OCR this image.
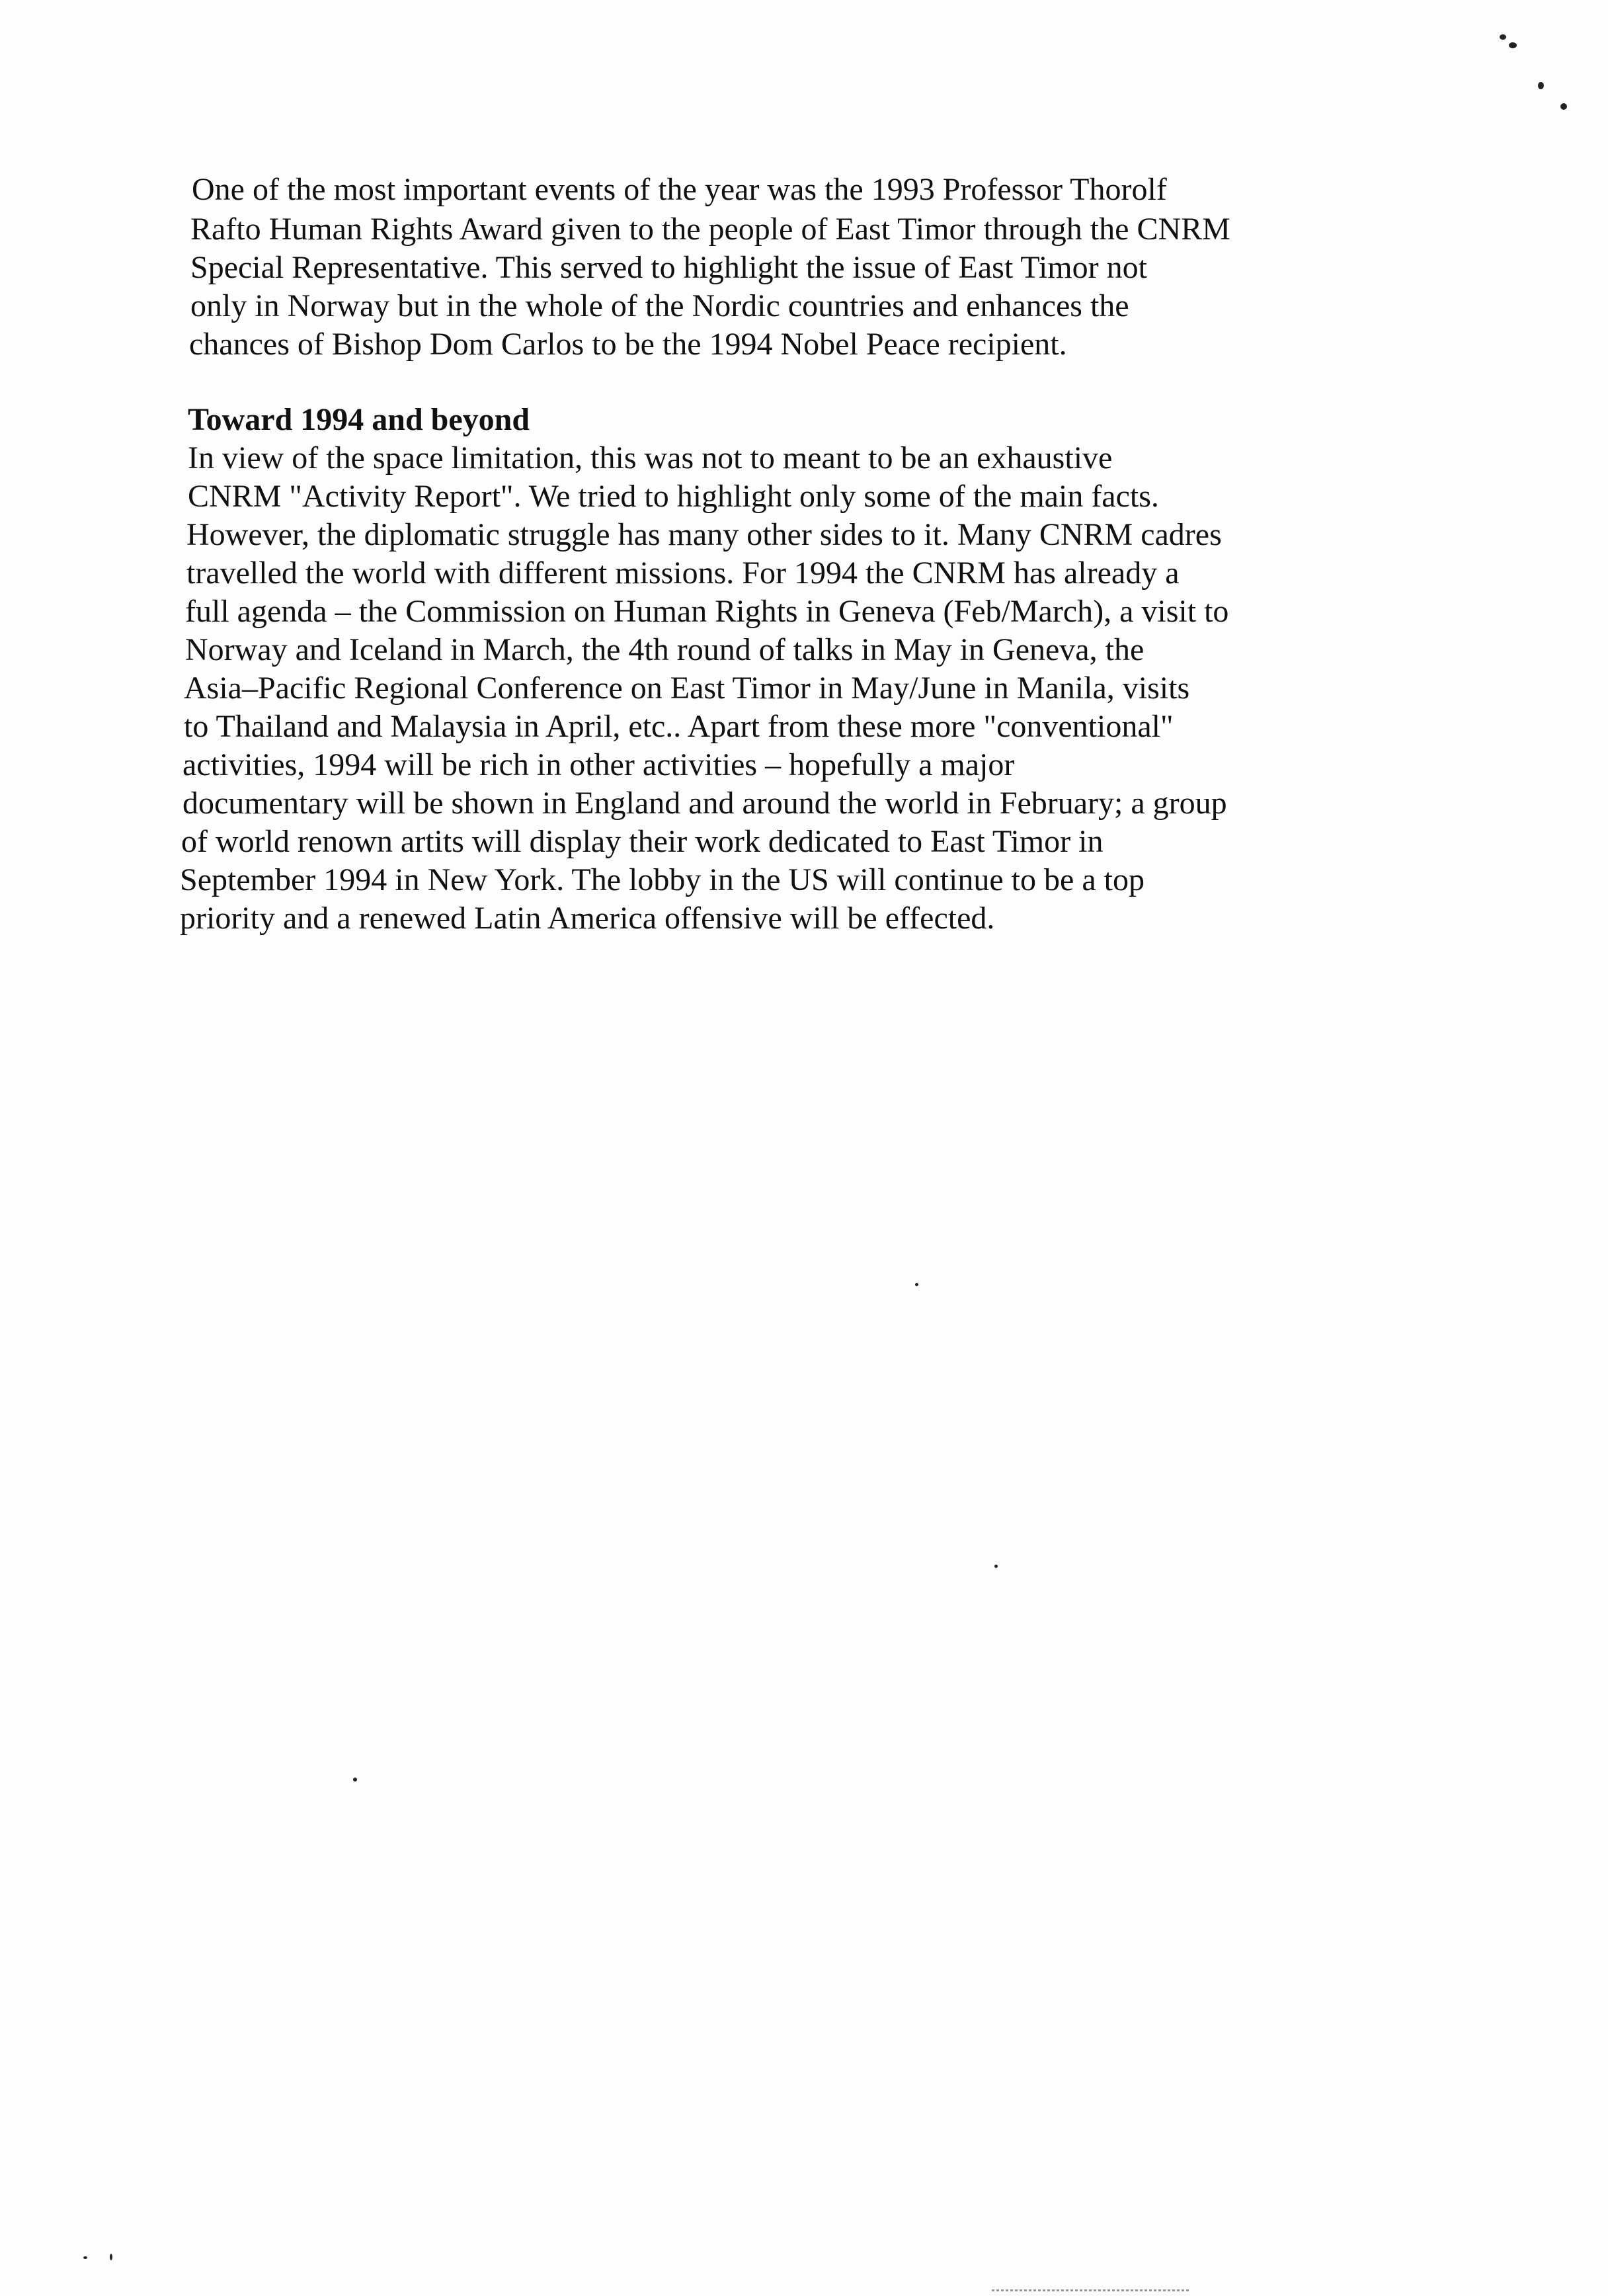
One of the most important events of the year was the 1993 Professor Thorolf
Rafto Human Rights Award given to the people of East Timor through the CNRM
Special Representative. This served to highlight the issue of East Timor not
only in Norway but in the whole of the Nordic countries and enhances the
chances of Bishop Dom Carlos to be the 1994 Nobel Peace recipient.
Toward 1994 and beyond
In view of the space limitation, this was not to meant to be an exhaustive
CNRM "Activity Report". We tried to highlight only some of the main facts.
However, the diplomatic struggle has many other sides to it. Many CNRM cadres
travelled the world with different missions. For 1994 the CNRM has already a
full agenda – the Commission on Human Rights in Geneva (Feb/March), a visit to
Norway and Iceland in March, the 4th round of talks in May in Geneva, the
Asia–Pacific Regional Conference on East Timor in May/June in Manila, visits
to Thailand and Malaysia in April, etc.. Apart from these more "conventional"
activities, 1994 will be rich in other activities – hopefully a major
documentary will be shown in England and around the world in February; a group
of world renown artits will display their work dedicated to East Timor in
September 1994 in New York. The lobby in the US will continue to be a top
priority and a renewed Latin America offensive will be effected.
